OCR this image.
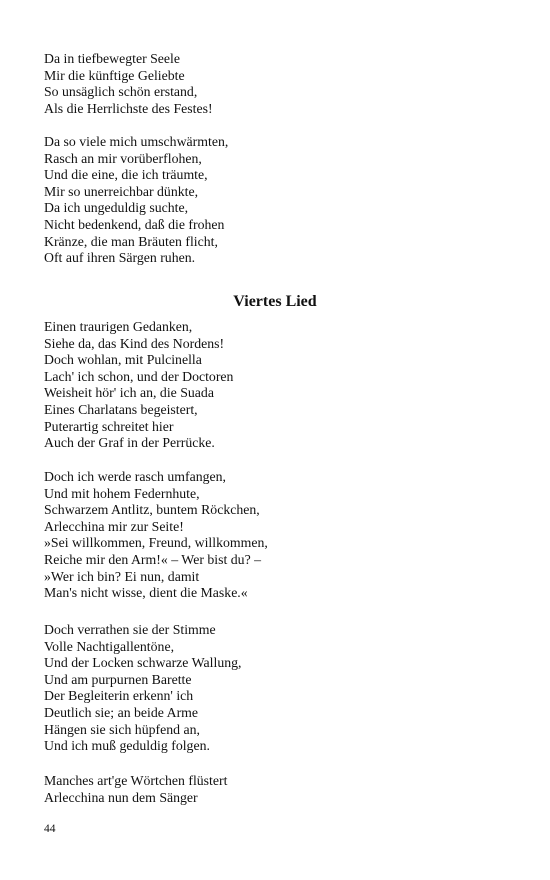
Da in tiefbewegter Seele
Mir die künftige Geliebte
So unsäglich schön erstand,
Als die Herrlichste des Festes!
Da so viele mich umschwärmten,
Rasch an mir vorüberflohen,
Und die eine, die ich träumte,
Mir so unerreichbar dünkte,
Da ich ungeduldig suchte,
Nicht bedenkend, daß die frohen
Kränze, die man Bräuten flicht,
Oft auf ihren Särgen ruhen.
Viertes Lied
Einen traurigen Gedanken,
Siehe da, das Kind des Nordens!
Doch wohlan, mit Pulcinella
Lach' ich schon, und der Doctoren
Weisheit hör' ich an, die Suada
Eines Charlatans begeistert,
Puterartig schreitet hier
Auch der Graf in der Perrücke.
Doch ich werde rasch umfangen,
Und mit hohem Federnhute,
Schwarzem Antlitz, buntem Röckchen,
Arlecchina mir zur Seite!
»Sei willkommen, Freund, willkommen,
Reiche mir den Arm!« – Wer bist du? –
»Wer ich bin? Ei nun, damit
Man's nicht wisse, dient die Maske.«
Doch verrathen sie der Stimme
Volle Nachtigallentöne,
Und der Locken schwarze Wallung,
Und am purpurnen Barette
Der Begleiterin erkenn' ich
Deutlich sie; an beide Arme
Hängen sie sich hüpfend an,
Und ich muß geduldig folgen.
Manches art'ge Wörtchen flüstert
Arlecchina nun dem Sänger
44
